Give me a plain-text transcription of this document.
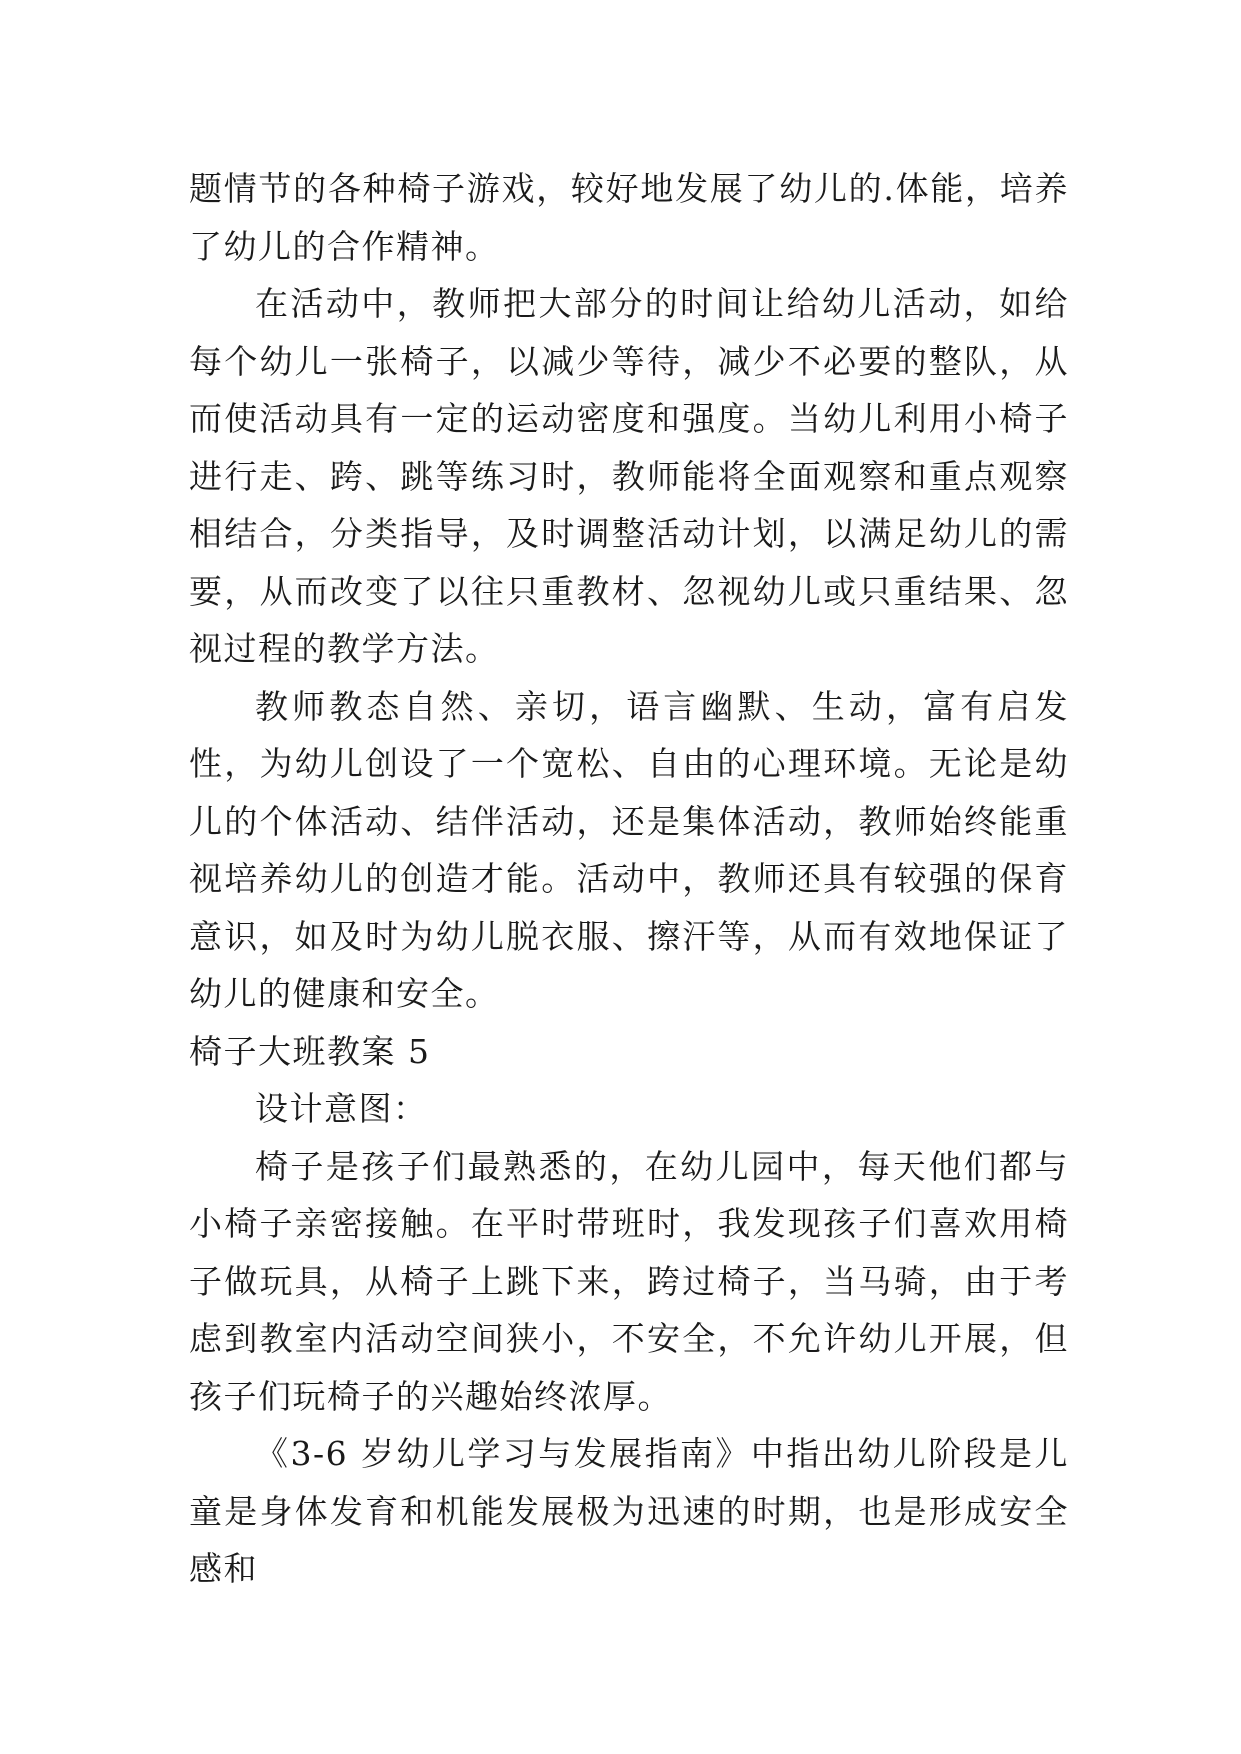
题情节的各种椅子游戏，较好地发展了幼儿的.体能，培养了幼儿的合作精神。

在活动中，教师把大部分的时间让给幼儿活动，如给每个幼儿一张椅子，以减少等待，减少不必要的整队，从而使活动具有一定的运动密度和强度。当幼儿利用小椅子进行走、跨、跳等练习时，教师能将全面观察和重点观察相结合，分类指导，及时调整活动计划，以满足幼儿的需要，从而改变了以往只重教材、忽视幼儿或只重结果、忽视过程的教学方法。

教师教态自然、亲切，语言幽默、生动，富有启发性，为幼儿创设了一个宽松、自由的心理环境。无论是幼儿的个体活动、结伴活动，还是集体活动，教师始终能重视培养幼儿的创造才能。活动中，教师还具有较强的保育意识，如及时为幼儿脱衣服、擦汗等，从而有效地保证了幼儿的健康和安全。

椅子大班教案 5

设计意图：

椅子是孩子们最熟悉的，在幼儿园中，每天他们都与小椅子亲密接触。在平时带班时，我发现孩子们喜欢用椅子做玩具，从椅子上跳下来，跨过椅子，当马骑，由于考虑到教室内活动空间狭小，不安全，不允许幼儿开展，但孩子们玩椅子的兴趣始终浓厚。

《3-6 岁幼儿学习与发展指南》中指出幼儿阶段是儿童是身体发育和机能发展极为迅速的时期，也是形成安全感和
